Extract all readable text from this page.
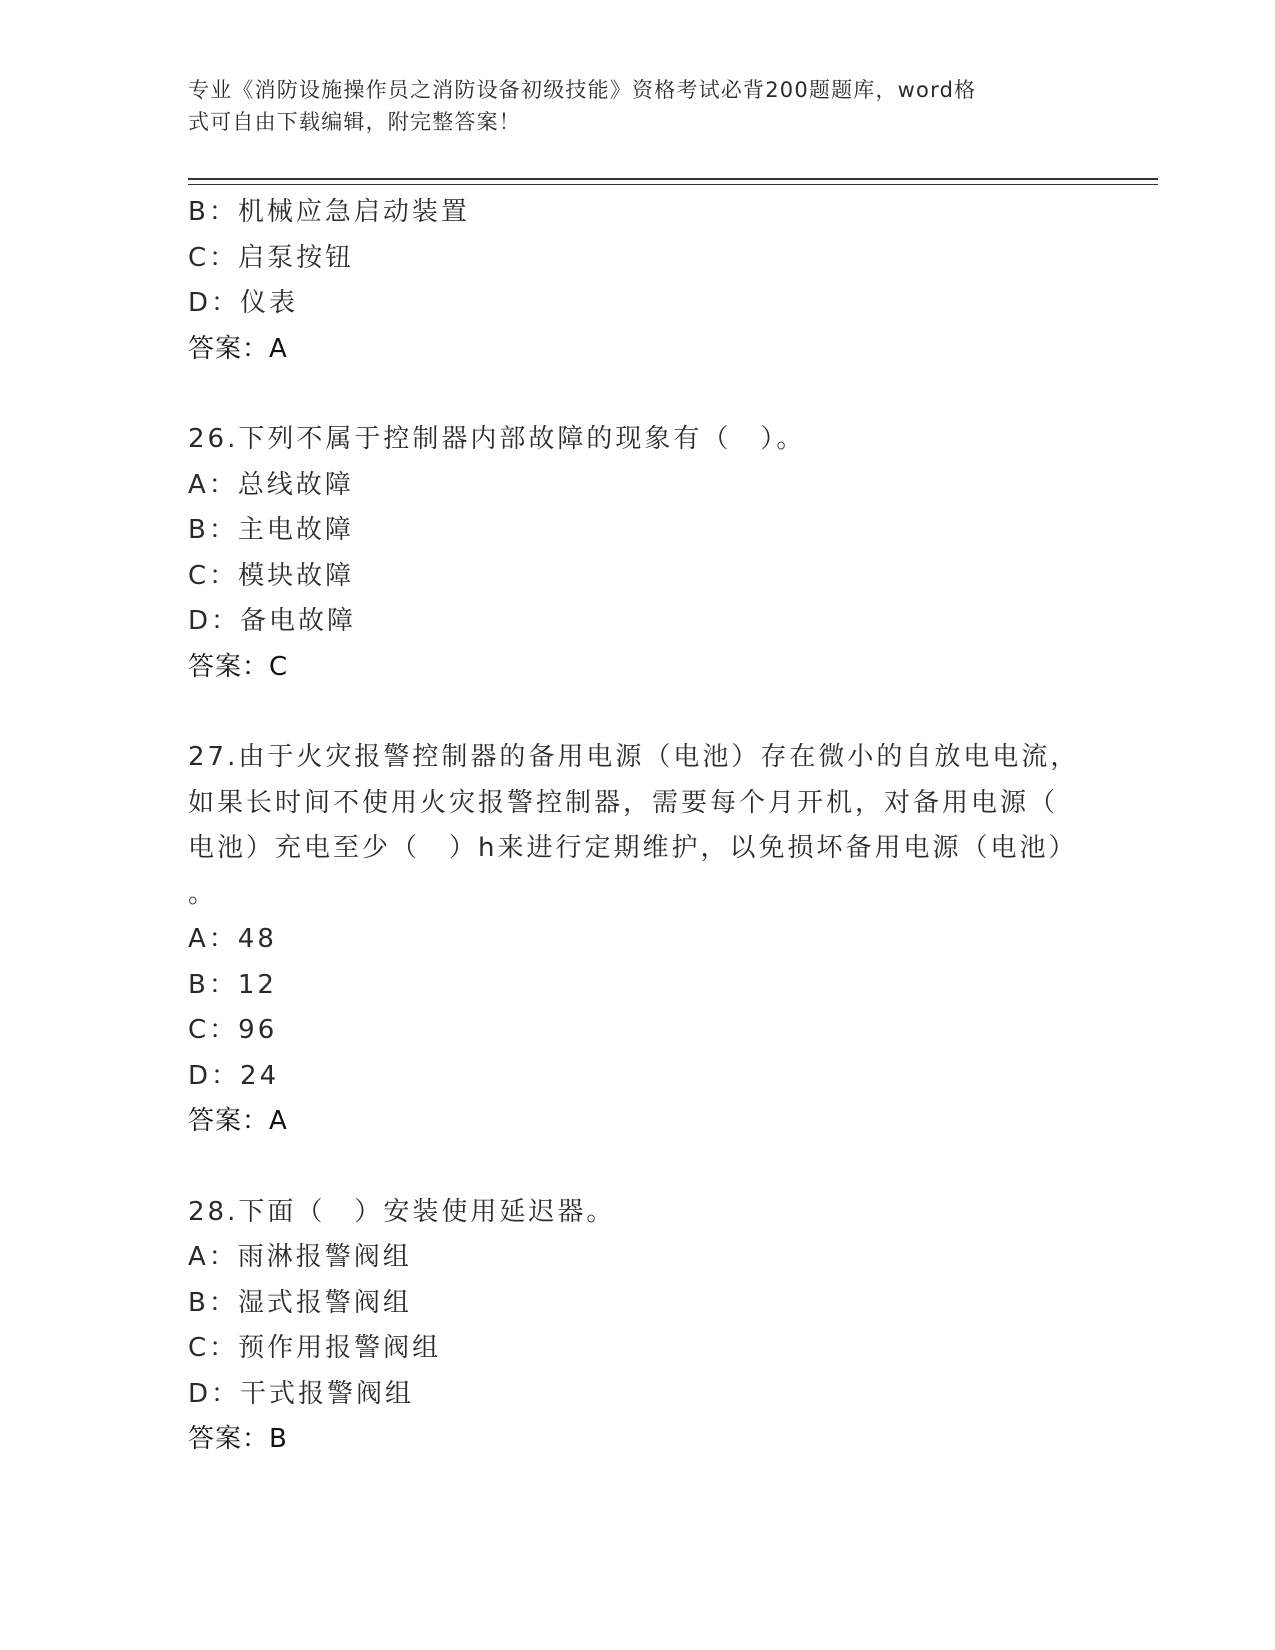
专业《消防设施操作员之消防设备初级技能》资格考试必背200题题库，word格
式可自由下载编辑，附完整答案！
B：机械应急启动装置
C：启泵按钮
D：仪表
答案：A
26.下列不属于控制器内部故障的现象有（　）。
A：总线故障
B：主电故障
C：模块故障
D：备电故障
答案：C
27.由于火灾报警控制器的备用电源（电池）存在微小的自放电电流，
如果长时间不使用火灾报警控制器，需要每个月开机，对备用电源（
电池）充电至少（　）h来进行定期维护，以免损坏备用电源（电池）
。
A：48
B：12
C：96
D：24
答案：A
28.下面（　）安装使用延迟器。
A：雨淋报警阀组
B：湿式报警阀组
C：预作用报警阀组
D：干式报警阀组
答案：B
